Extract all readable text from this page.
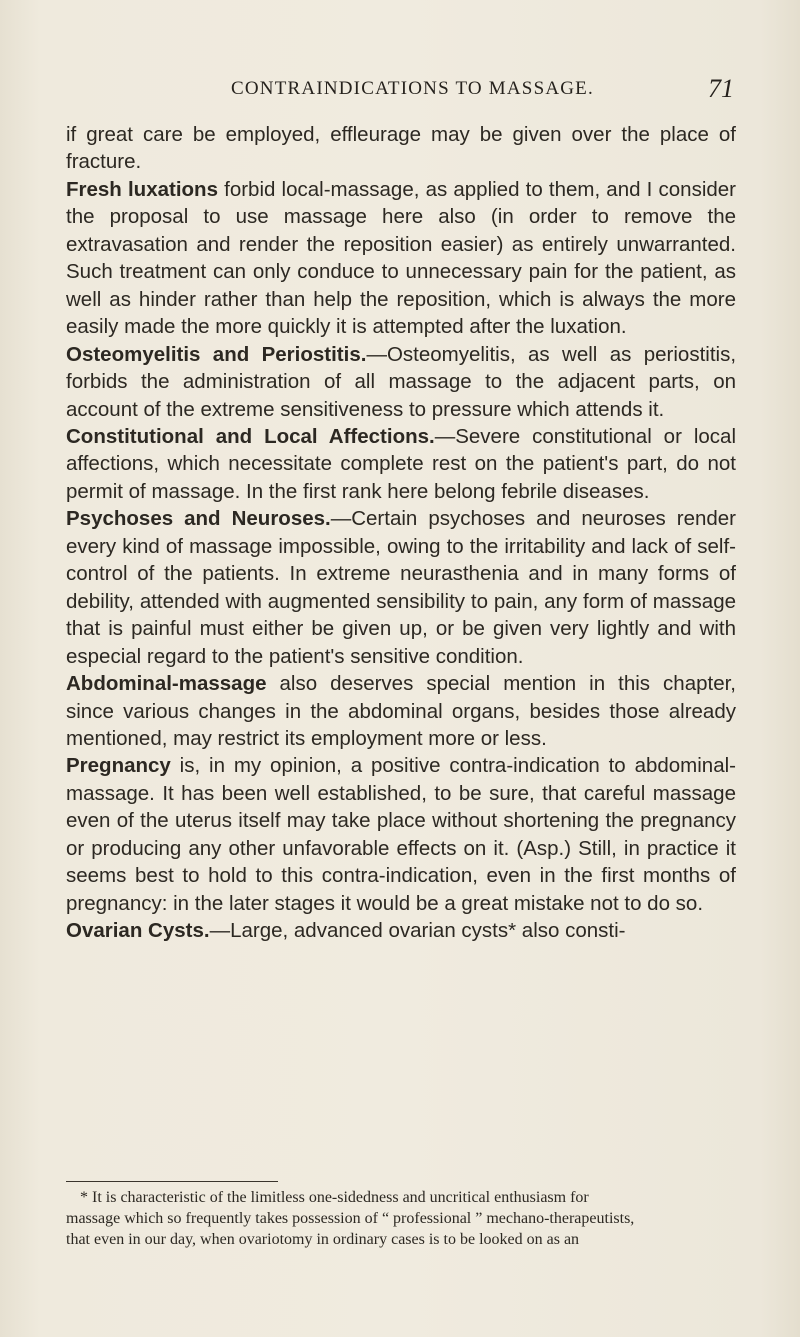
CONTRAINDICATIONS TO MASSAGE.	71

if great care be employed, effleurage may be given over the place of fracture.

Fresh luxations forbid local-massage, as applied to them, and I consider the proposal to use massage here also (in order to remove the extravasation and render the reposition easier) as entirely unwarranted. Such treatment can only conduce to unnecessary pain for the patient, as well as hinder rather than help the reposition, which is always the more easily made the more quickly it is attempted after the luxation.

Osteomyelitis and Periostitis.—Osteomyelitis, as well as periostitis, forbids the administration of all massage to the adjacent parts, on account of the extreme sensitiveness to pressure which attends it.

Constitutional and Local Affections.—Severe constitutional or local affections, which necessitate complete rest on the patient's part, do not permit of massage. In the first rank here belong febrile diseases.

Psychoses and Neuroses.—Certain psychoses and neuroses render every kind of massage impossible, owing to the irritability and lack of self-control of the patients. In extreme neurasthenia and in many forms of debility, attended with augmented sensibility to pain, any form of massage that is painful must either be given up, or be given very lightly and with especial regard to the patient's sensitive condition.

Abdominal-massage also deserves special mention in this chapter, since various changes in the abdominal organs, besides those already mentioned, may restrict its employment more or less.

Pregnancy is, in my opinion, a positive contra-indication to abdominal-massage. It has been well established, to be sure, that careful massage even of the uterus itself may take place without shortening the pregnancy or producing any other unfavorable effects on it. (Asp.) Still, in practice it seems best to hold to this contra-indication, even in the first months of pregnancy: in the later stages it would be a great mistake not to do so.

Ovarian Cysts.—Large, advanced ovarian cysts* also consti-

* It is characteristic of the limitless one-sidedness and uncritical enthusiasm for
massage which so frequently takes possession of “ professional ” mechano-therapeutists,
that even in our day, when ovariotomy in ordinary cases is to be looked on as an
